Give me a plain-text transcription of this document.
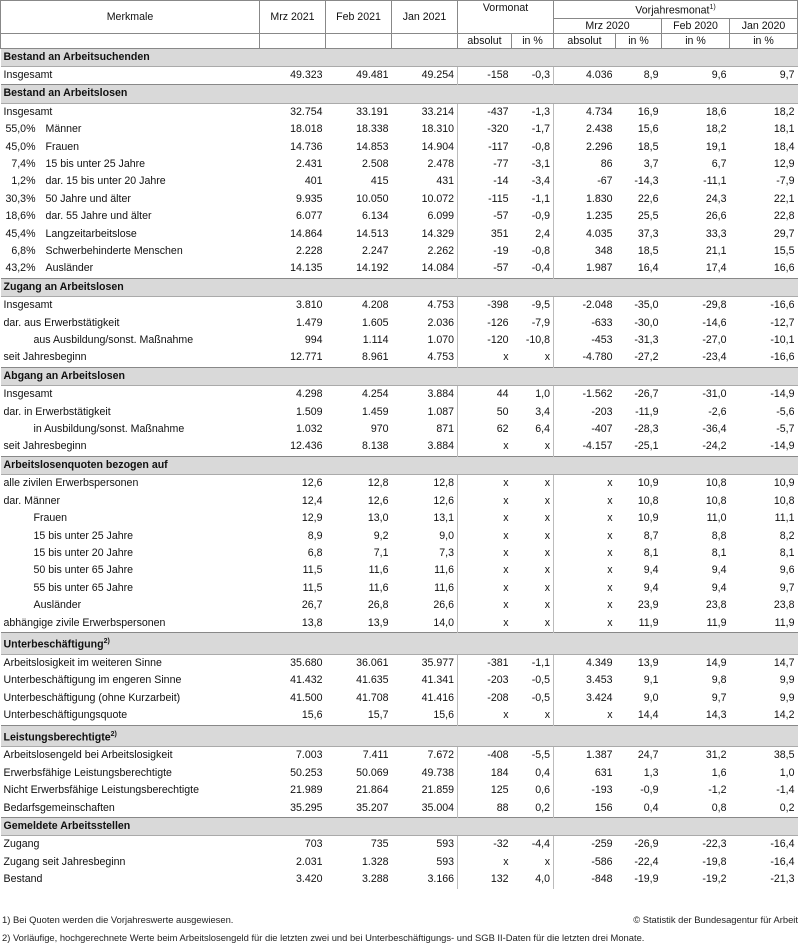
Merkmale	Mrz 2021	Feb 2021	Jan 2021	Vormonat		Vorjahresmonat$^{1)}$
						Mrz 2020		Feb 2020	Jan 2020
				absolut	in %	absolut	in %	in %	in %
Bestand an Arbeitsuchenden									
Insgesamt	49.323	49.481	49.254	-158	-0,3	4.036	8,9	9,6	9,7
Bestand an Arbeitslosen									
Insgesamt	32.754	33.191	33.214	-437	-1,3	4.734	16,9	18,6	18,2
55,0% Männer	18.018	18.338	18.310	-320	-1,7	2.438	15,6	18,2	18,1
45,0% Frauen	14.736	14.853	14.904	-117	-0,8	2.296	18,5	19,1	18,4
7,4% 15 bis unter 25 Jahre	2.431	2.508	2.478	-77	-3,1	86	3,7	6,7	12,9
1,2% dar. 15 bis unter 20 Jahre	401	415	431	-14	-3,4	-67	-14,3	-11,1	-7,9
30,3% 50 Jahre und älter	9.935	10.050	10.072	-115	-1,1	1.830	22,6	24,3	22,1
18,6% dar. 55 Jahre und älter	6.077	6.134	6.099	-57	-0,9	1.235	25,5	26,6	22,8
45,4% Langzeitarbeitslose	14.864	14.513	14.329	351	2,4	4.035	37,3	33,3	29,7
6,8% Schwerbehinderte Menschen	2.228	2.247	2.262	-19	-0,8	348	18,5	21,1	15,5
43,2% Ausländer	14.135	14.192	14.084	-57	-0,4	1.987	16,4	17,4	16,6
Zugang an Arbeitslosen									
Insgesamt	3.810	4.208	4.753	-398	-9,5	-2.048	-35,0	-29,8	-16,6
dar. aus Erwerbstätigkeit	1.479	1.605	2.036	-126	-7,9	-633	-30,0	-14,6	-12,7
aus Ausbildung/sonst. Maßnahme	994	1.114	1.070	-120	-10,8	-453	-31,3	-27,0	-10,1
seit Jahresbeginn	12.771	8.961	4.753	x	x	-4.780	-27,2	-23,4	-16,6
Abgang an Arbeitslosen									
Insgesamt	4.298	4.254	3.884	44	1,0	-1.562	-26,7	-31,0	-14,9
dar. in Erwerbstätigkeit	1.509	1.459	1.087	50	3,4	-203	-11,9	-2,6	-5,6
in Ausbildung/sonst. Maßnahme	1.032	970	871	62	6,4	-407	-28,3	-36,4	-5,7
seit Jahresbeginn	12.436	8.138	3.884	x	x	-4.157	-25,1	-24,2	-14,9
Arbeitslosenquoten bezogen auf									
alle zivilen Erwerbspersonen	12,6	12,8	12,8	x	x	x	10,9	10,8	10,9
dar. Männer	12,4	12,6	12,6	x	x	x	10,8	10,8	10,8
Frauen	12,9	13,0	13,1	x	x	x	10,9	11,0	11,1
15 bis unter 25 Jahre	8,9	9,2	9,0	x	x	x	8,7	8,8	8,2
15 bis unter 20 Jahre	6,8	7,1	7,3	x	x	x	8,1	8,1	8,1
50 bis unter 65 Jahre	11,5	11,6	11,6	x	x	x	9,4	9,4	9,6
55 bis unter 65 Jahre	11,5	11,6	11,6	x	x	x	9,4	9,4	9,7
Ausländer	26,7	26,8	26,6	x	x	x	23,9	23,8	23,8
abhängige zivile Erwerbspersonen	13,8	13,9	14,0	x	x	x	11,9	11,9	11,9
Unterbeschäftigung$^{2)}$
Arbeitslosigkeit im weiteren Sinne	35.680	36.061	35.977	-381	-1,1	4.349	13,9	14,9	14,7
Unterbeschäftigung im engeren Sinne	41.432	41.635	41.341	-203	-0,5	3.453	9,1	9,8	9,9
Unterbeschäftigung (ohne Kurzarbeit)	41.500	41.708	41.416	-208	-0,5	3.424	9,0	9,7	9,9
Unterbeschäftigungsquote	15,6	15,7	15,6	x	x	x	14,4	14,3	14,2
Leistungsberechtigte$^{2)}$
Arbeitslosengeld bei Arbeitslosigkeit	7.003	7.411	7.672	-408	-5,5	1.387	24,7	31,2	38,5
Erwerbsfähige Leistungsberechtigte	50.253	50.069	49.738	184	0,4	631	1,3	1,6	1,0
Nicht Erwerbsfähige Leistungsberechtigte	21.989	21.864	21.859	125	0,6	-193	-0,9	-1,2	-1,4
Bedarfsgemeinschaften	35.295	35.207	35.004	88	0,2	156	0,4	0,8	0,2
Gemeldete Arbeitsstellen									
Zugang	703	735	593	-32	-4,4	-259	-26,9	-22,3	-16,4
Zugang seit Jahresbeginn	2.031	1.328	593	x	x	-586	-22,4	-19,8	-16,4
Bestand	3.420	3.288	3.166	132	4,0	-848	-19,9	-19,2	-21,3
1) Bei Quoten werden die Vorjahreswerte ausgewiesen.	© Statistik der Bundesagentur für Arbeit
2) Vorläufige, hochgerechnete Werte beim Arbeitslosengeld für die letzten zwei und bei Unterbeschäftigungs- und SGB II-Daten für die letzten drei Monate.
